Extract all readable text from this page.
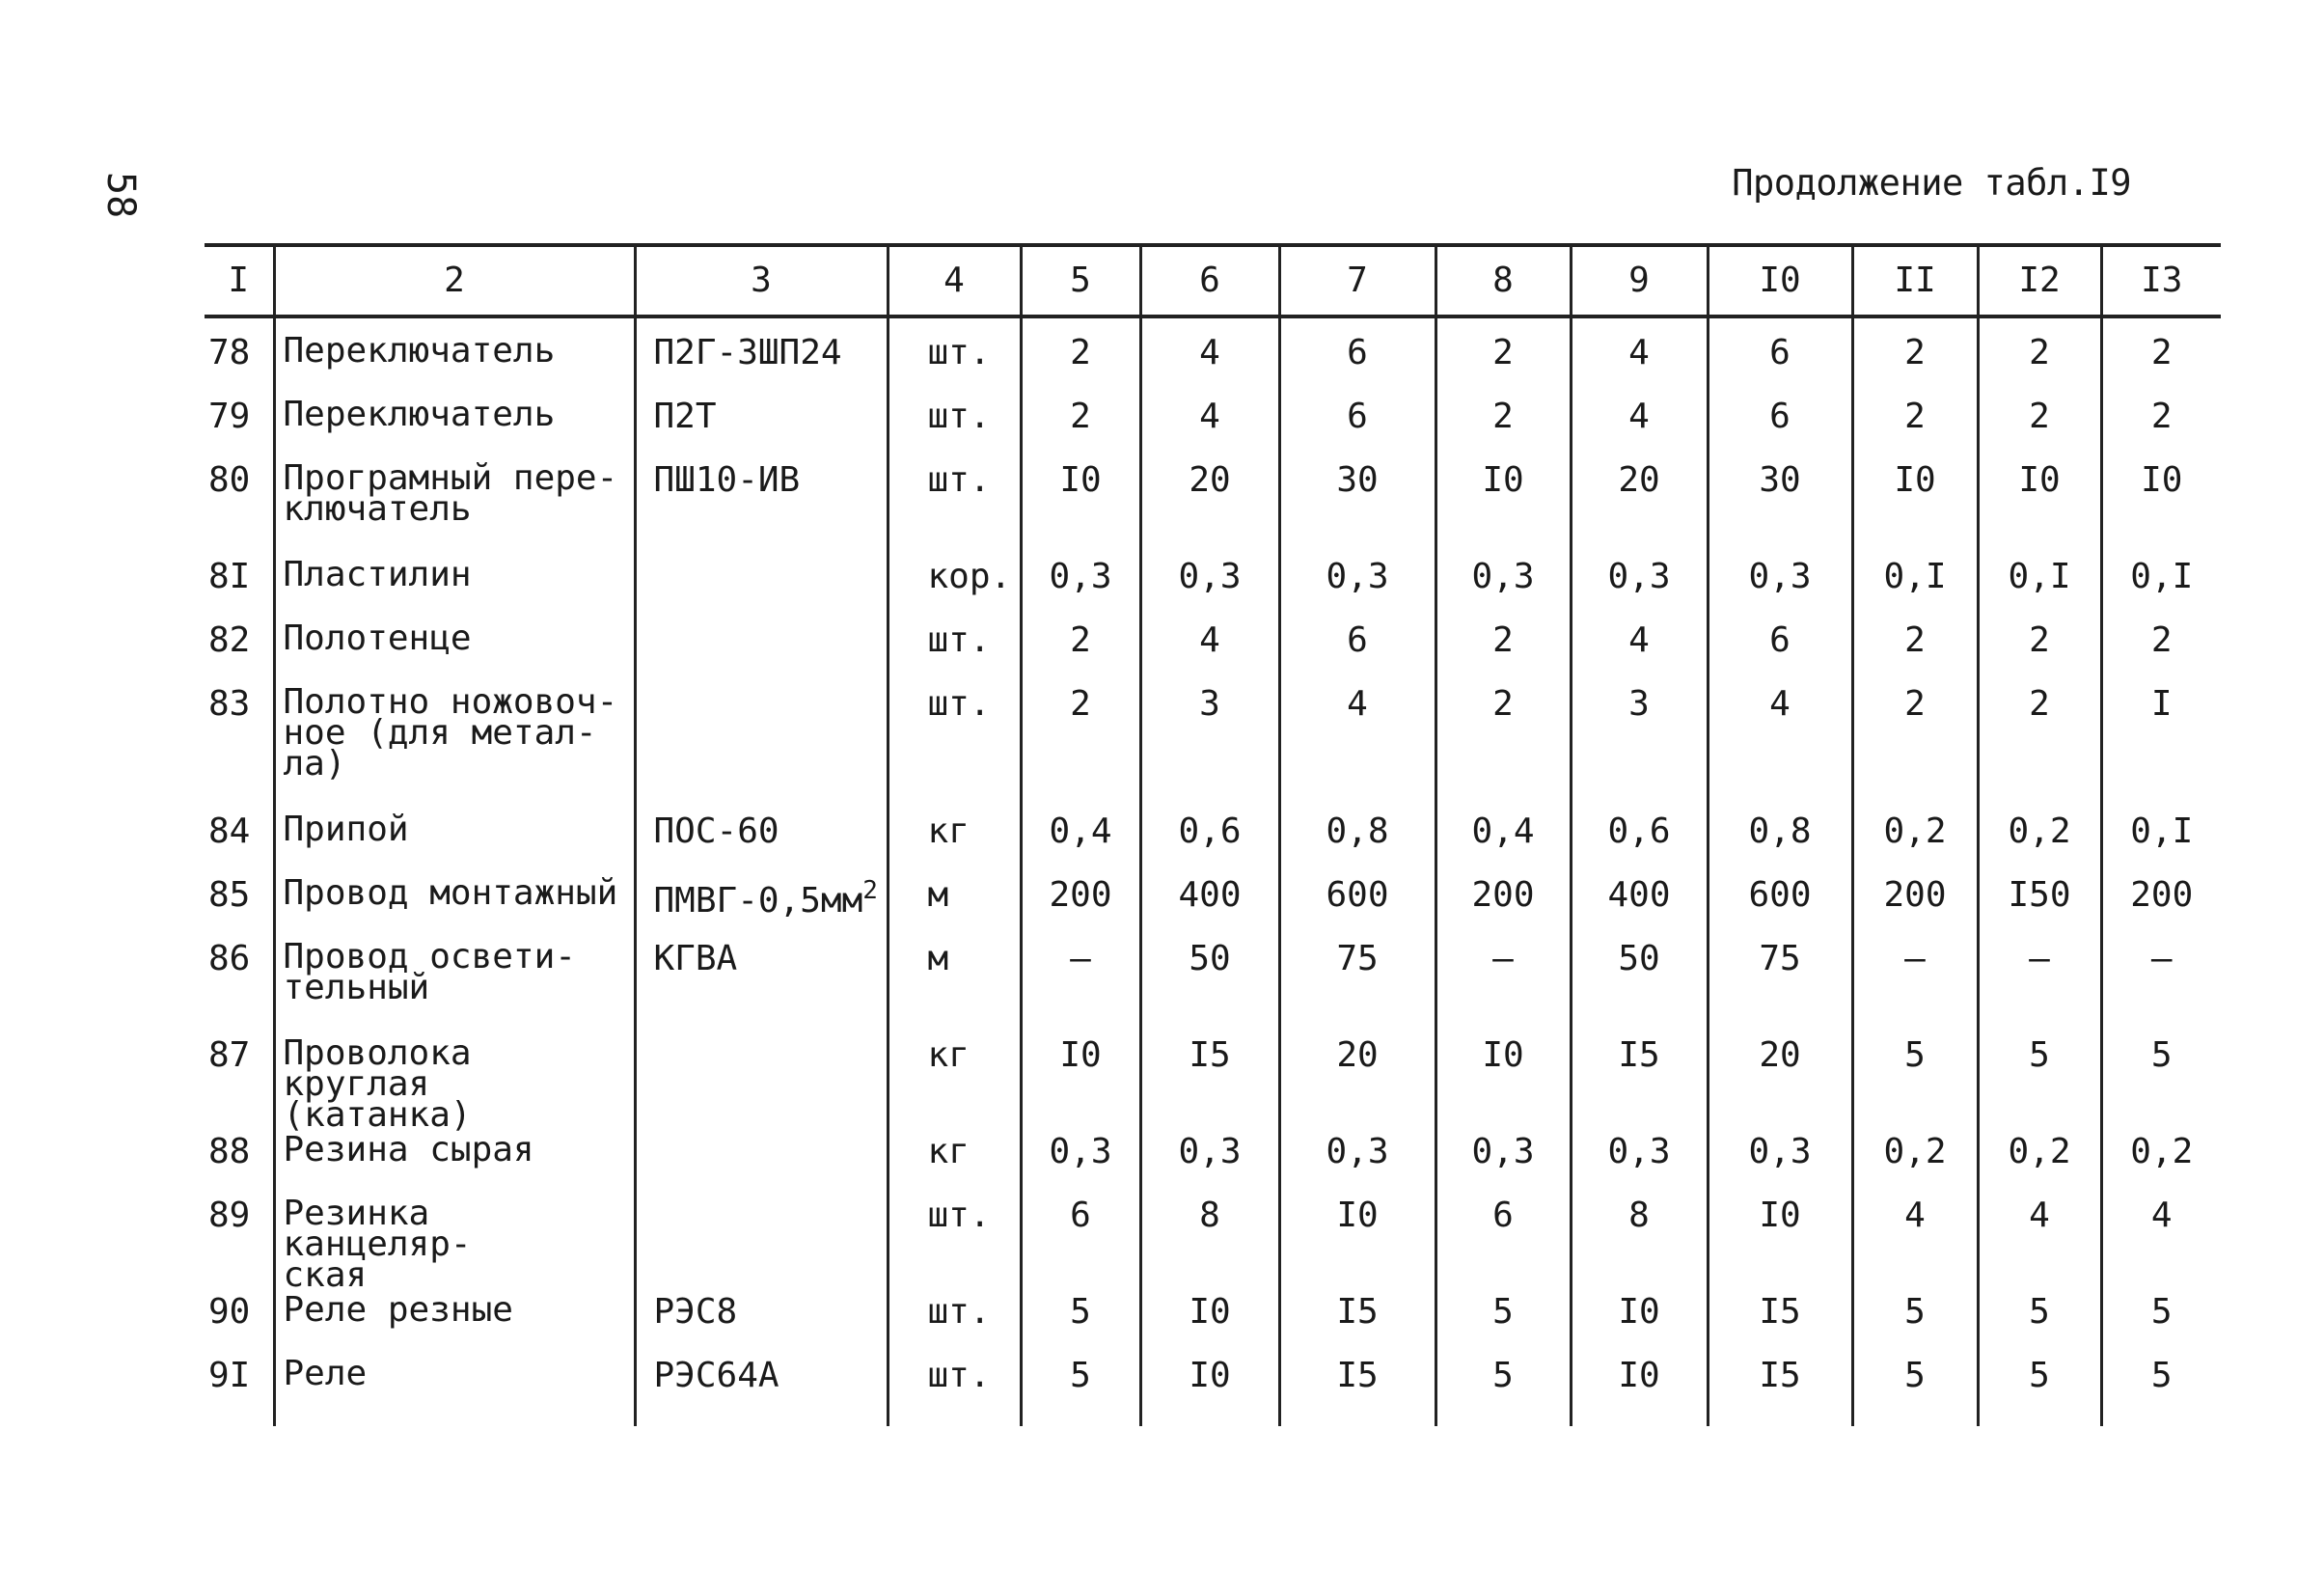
58	Продолжение табл.I9
I	2	3	4	5	6	7	8	9	I0	II	I2	I3
78	Переключатель	П2Г-3ШП24	шт.	2	4	6	2	4	6	2	2	2
79	Переключатель	П2Т	шт.	2	4	6	2	4	6	2	2	2
80	Програмный пере-
ключатель	ПШ10-ИВ	шт.	I0	20	30	I0	20	30	I0	I0	I0
8I	Пластилин		кор.	0,3	0,3	0,3	0,3	0,3	0,3	0,I	0,I	0,I
82	Полотенце		шт.	2	4	6	2	4	6	2	2	2
83	Полотно ножовоч-
ное (для метал-
ла)		шт.	2	3	4	2	3	4	2	2	I
84	Припой	ПОС-60	кг	0,4	0,6	0,8	0,4	0,6	0,8	0,2	0,2	0,I
85	Провод монтажный	ПМВГ-$0,5мм^2$	м	200	400	600	200	400	600	200	I50	200
86	Провод освети-
тельный	КГВА	м	–	50	75	–	50	75	–	–	–
87	Проволока круглая
(катанка)		кг	I0	I5	20	I0	I5	20	5	5	5
88	Резина сырая		кг	0,3	0,3	0,3	0,3	0,3	0,3	0,2	0,2	0,2
89	Резинка канцеляр-
ская		шт.	6	8	I0	6	8	I0	4	4	4
90	Реле резные	РЭС8	шт.	5	I0	I5	5	I0	I5	5	5	5
9I	Реле	РЭС64А	шт.	5	I0	I5	5	I0	I5	5	5	5
